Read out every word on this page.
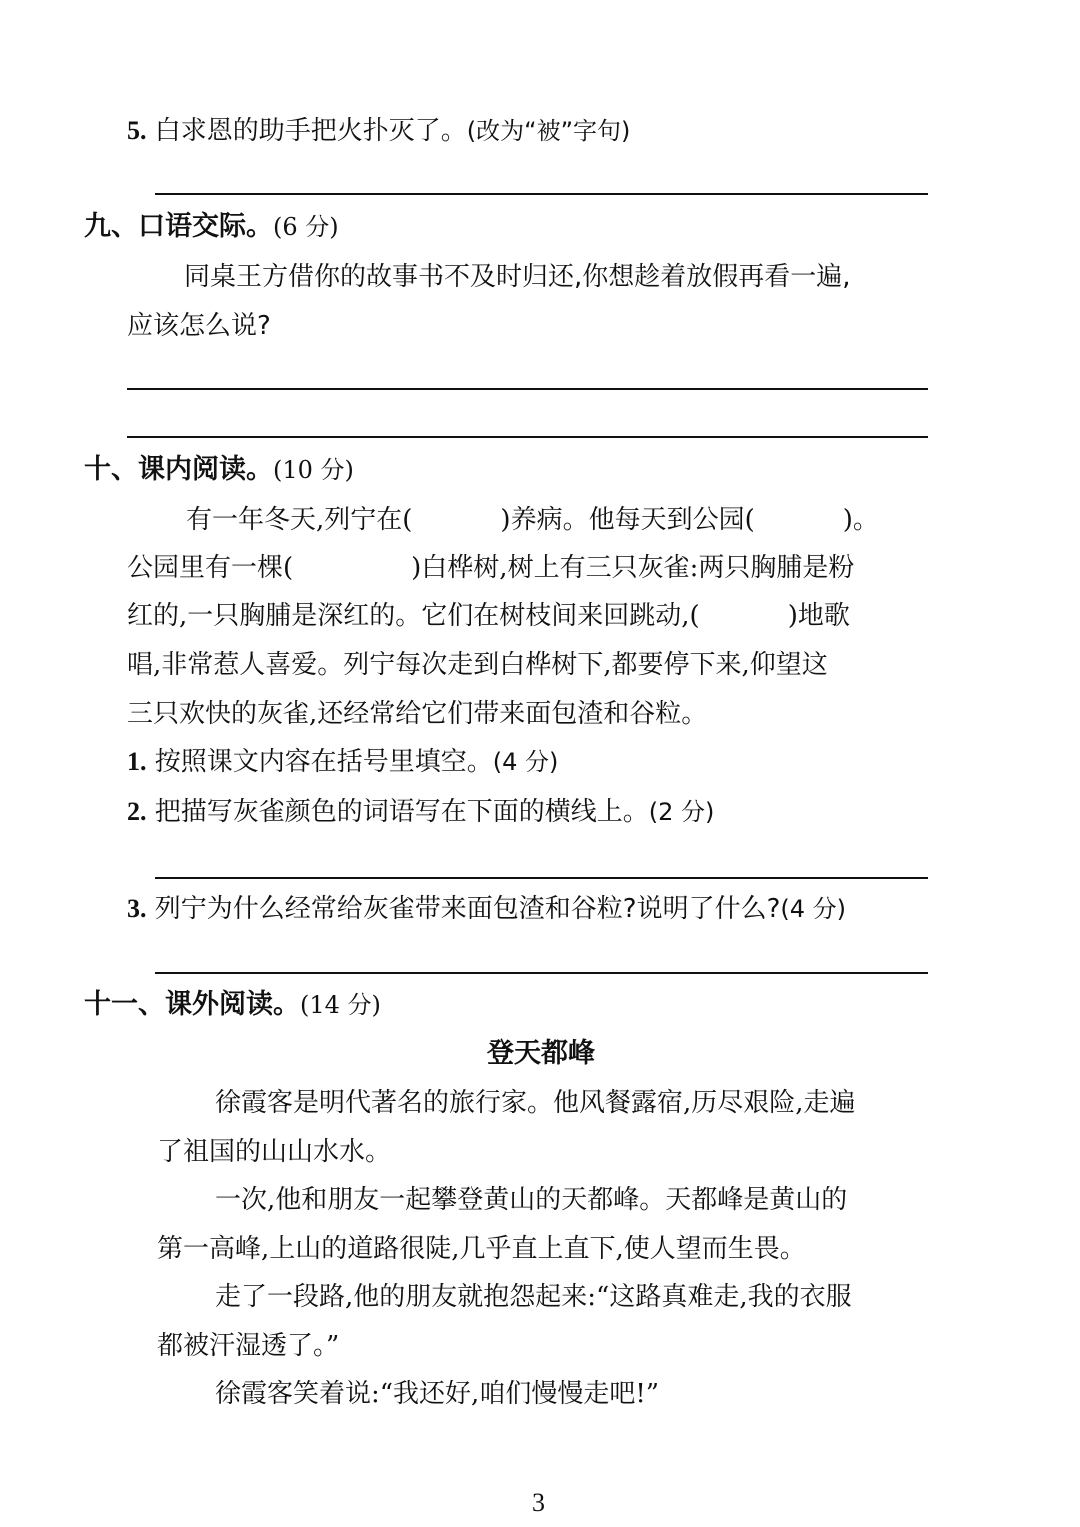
5. 白求恩的助手把火扑灭了。(改为“被”字句)
九、口语交际。(6 分)
同桌王方借你的故事书不及时归还,你想趁着放假再看一遍,
应该怎么说?
十、课内阅读。(10 分)
有一年冬天,列宁在(	)养病。他每天到公园(	)。
公园里有一棵(	)白桦树,树上有三只灰雀:两只胸脯是粉
红的,一只胸脯是深红的。它们在树枝间来回跳动,(	)地歌
唱,非常惹人喜爱。列宁每次走到白桦树下,都要停下来,仰望这
三只欢快的灰雀,还经常给它们带来面包渣和谷粒。
1. 按照课文内容在括号里填空。(4 分)
2. 把描写灰雀颜色的词语写在下面的横线上。(2 分)
3. 列宁为什么经常给灰雀带来面包渣和谷粒?说明了什么?(4 分)
十一、课外阅读。(14 分)
登天都峰
徐霞客是明代著名的旅行家。他风餐露宿,历尽艰险,走遍
了祖国的山山水水。
一次,他和朋友一起攀登黄山的天都峰。天都峰是黄山的
第一高峰,上山的道路很陡,几乎直上直下,使人望而生畏。
走了一段路,他的朋友就抱怨起来:“这路真难走,我的衣服
都被汗湿透了。”
徐霞客笑着说:“我还好,咱们慢慢走吧!”
3
